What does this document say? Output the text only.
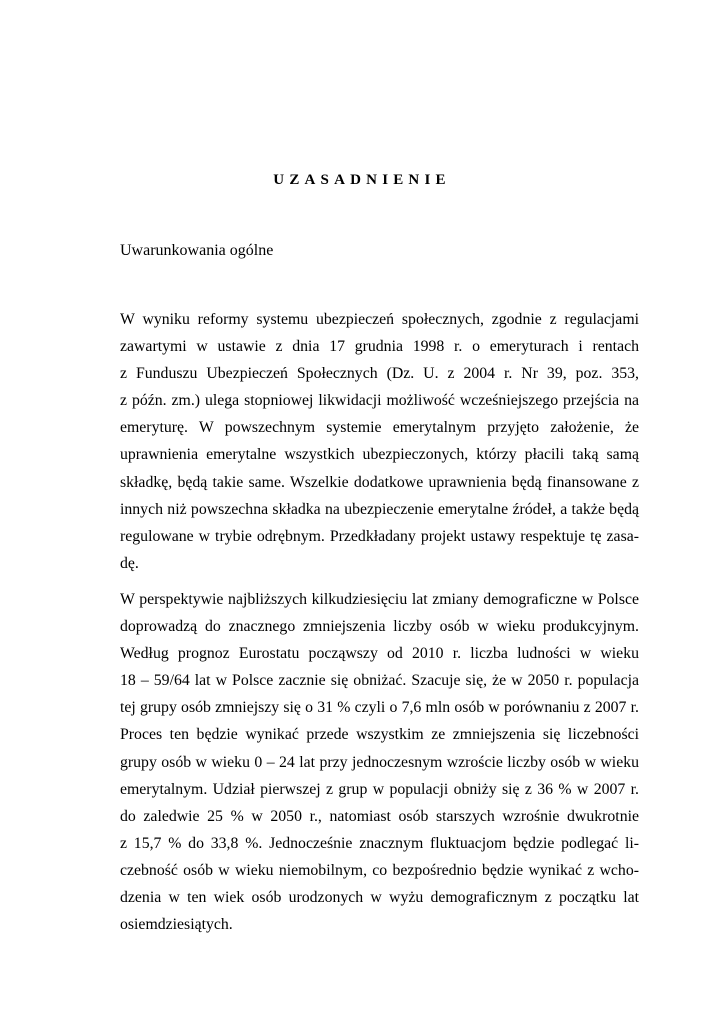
UZASADNIENIE
Uwarunkowania ogólne
W wyniku reformy systemu ubezpieczeń społecznych, zgodnie z regulacjami
zawartymi w ustawie z dnia 17 grudnia 1998 r. o emeryturach i rentach
z Funduszu Ubezpieczeń Społecznych (Dz. U. z 2004 r. Nr 39, poz. 353,
z późn. zm.) ulega stopniowej likwidacji możliwość wcześniejszego przejścia na
emeryturę. W powszechnym systemie emerytalnym przyjęto założenie, że
uprawnienia emerytalne wszystkich ubezpieczonych, którzy płacili taką samą
składkę, będą takie same. Wszelkie dodatkowe uprawnienia będą finansowane z
innych niż powszechna składka na ubezpieczenie emerytalne źródeł, a także będą
regulowane w trybie odrębnym. Przedkładany projekt ustawy respektuje tę zasa-
dę.
W perspektywie najbliższych kilkudziesięciu lat zmiany demograficzne w Polsce
doprowadzą do znacznego zmniejszenia liczby osób w wieku produkcyjnym.
Według prognoz Eurostatu począwszy od 2010 r. liczba ludności w wieku
18 – 59/64 lat w Polsce zacznie się obniżać. Szacuje się, że w 2050 r. populacja
tej grupy osób zmniejszy się o 31 % czyli o 7,6 mln osób w porównaniu z 2007 r.
Proces ten będzie wynikać przede wszystkim ze zmniejszenia się liczebności
grupy osób w wieku 0 – 24 lat przy jednoczesnym wzroście liczby osób w wieku
emerytalnym. Udział pierwszej z grup w populacji obniży się z 36 % w 2007 r.
do zaledwie 25 % w 2050 r., natomiast osób starszych wzrośnie dwukrotnie
z 15,7 % do 33,8 %. Jednocześnie znacznym fluktuacjom będzie podlegać li-
czebność osób w wieku niemobilnym, co bezpośrednio będzie wynikać z wcho-
dzenia w ten wiek osób urodzonych w wyżu demograficznym z początku lat
osiemdziesiątych.
